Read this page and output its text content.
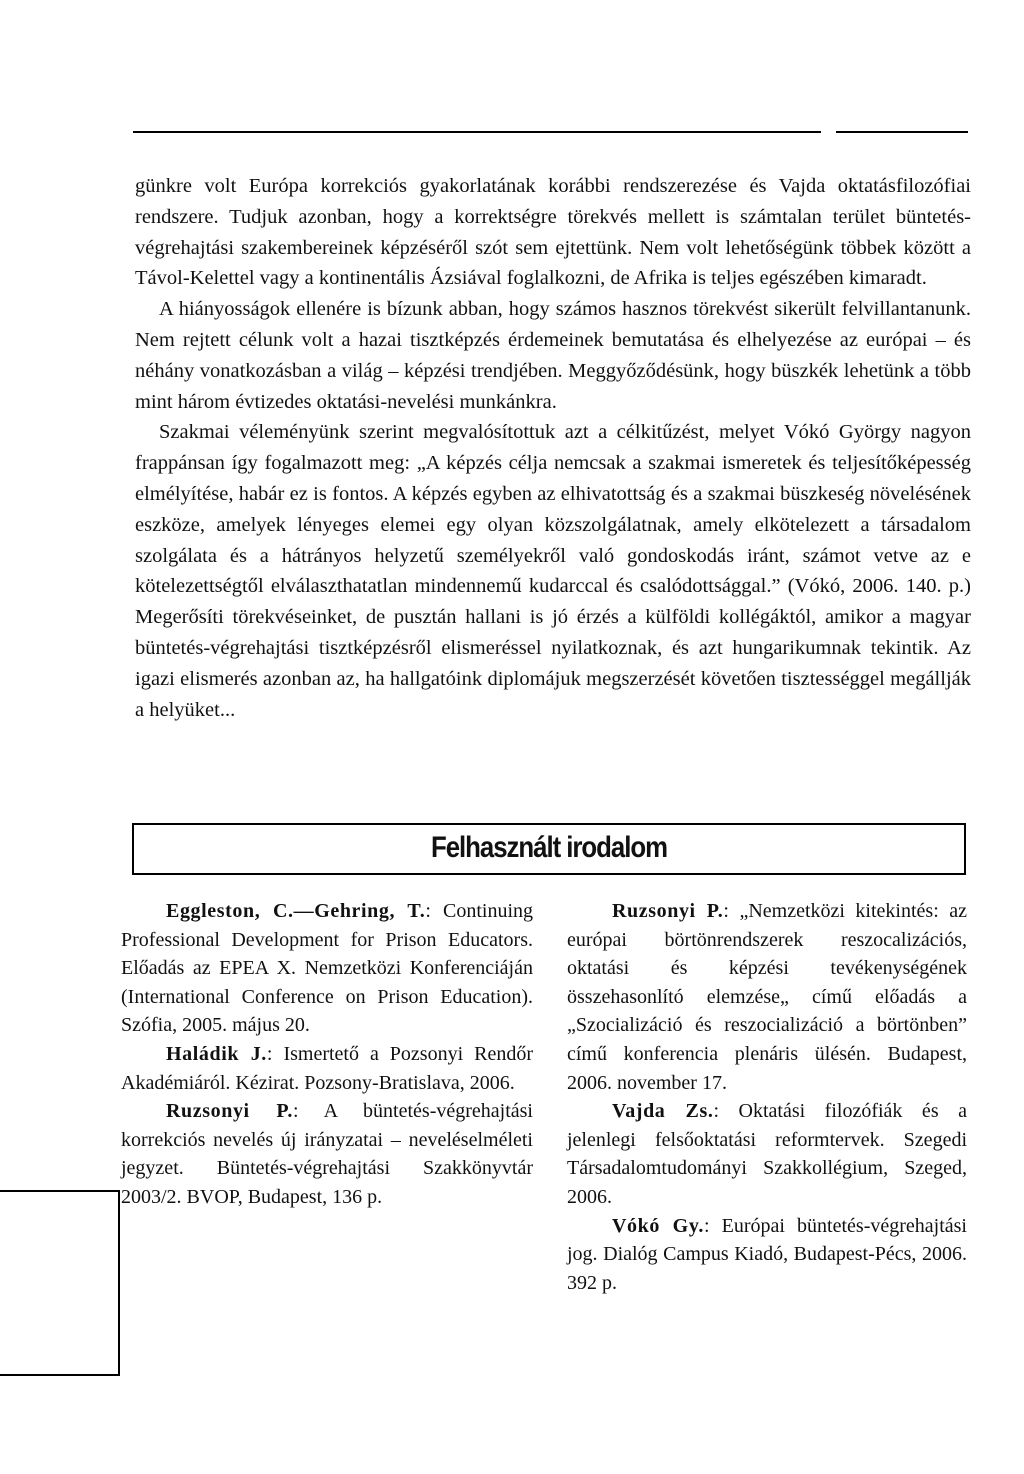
günkre volt Európa korrekciós gyakorlatának korábbi rendszerezése és Vajda oktatásfilozófiai rendszere. Tudjuk azonban, hogy a korrektségre törekvés mellett is számtalan terület büntetés-végrehajtási szakembereinek képzéséről szót sem ejtettünk. Nem volt lehetőségünk többek között a Távol-Kelettel vagy a kontinentális Ázsiával foglalkozni, de Afrika is teljes egészében kimaradt.

A hiányosságok ellenére is bízunk abban, hogy számos hasznos törekvést sikerült felvillantanunk. Nem rejtett célunk volt a hazai tisztképzés érdemeinek bemutatása és elhelyezése az európai – és néhány vonatkozásban a világ – képzési trendjében. Meggyőződésünk, hogy büszkék lehetünk a több mint három évtizedes oktatási-nevelési munkánkra.

Szakmai véleményünk szerint megvalósítottuk azt a célkitűzést, melyet Vókó György nagyon frappánsan így fogalmazott meg: „A képzés célja nemcsak a szakmai ismeretek és teljesítőképesség elmélyítése, habár ez is fontos. A képzés egyben az elhivatottság és a szakmai büszkeség növelésének eszköze, amelyek lényeges elemei egy olyan közszolgálatnak, amely elkötelezett a társadalom szolgálata és a hátrányos helyzetű személyekről való gondoskodás iránt, számot vetve az e kötelezettségtől elválaszthatatlan mindennemű kudarccal és csalódottsággal.” (Vókó, 2006. 140. p.) Megerősíti törekvéseinket, de pusztán hallani is jó érzés a külföldi kollégáktól, amikor a magyar büntetés-végrehajtási tisztképzésről elismeréssel nyilatkoznak, és azt hungarikumnak tekintik. Az igazi elismerés azonban az, ha hallgatóink diplomájuk megszerzését követően tisztességgel megállják a helyüket...

Felhasznált irodalom

Eggleston, C.—Gehring, T.: Continuing Professional Development for Prison Educators. Előadás az EPEA X. Nemzetközi Konferenciáján (International Conference on Prison Education). Szófia, 2005. május 20.

Haládik J.: Ismertető a Pozsonyi Rendőr Akadémiáról. Kézirat. Pozsony-Bratislava, 2006.

Ruzsonyi P.: A büntetés-végrehajtási korrekciós nevelés új irányzatai – neveléselméleti jegyzet. Büntetés-végrehajtási Szakkönyvtár 2003/2. BVOP, Budapest, 136 p.

Ruzsonyi P.: „Nemzetközi kitekintés: az európai börtönrendszerek reszocalizációs, oktatási és képzési tevékenységének összehasonlító elemzése„ című előadás a „Szocializáció és reszocializáció a börtönben” című konferencia plenáris ülésén. Budapest, 2006. november 17.

Vajda Zs.: Oktatási filozófiák és a jelenlegi felsőoktatási reformtervek. Szegedi Társadalomtudományi Szakkollégium, Szeged, 2006.

Vókó Gy.: Európai büntetés-végrehajtási jog. Dialóg Campus Kiadó, Budapest-Pécs, 2006. 392 p.
